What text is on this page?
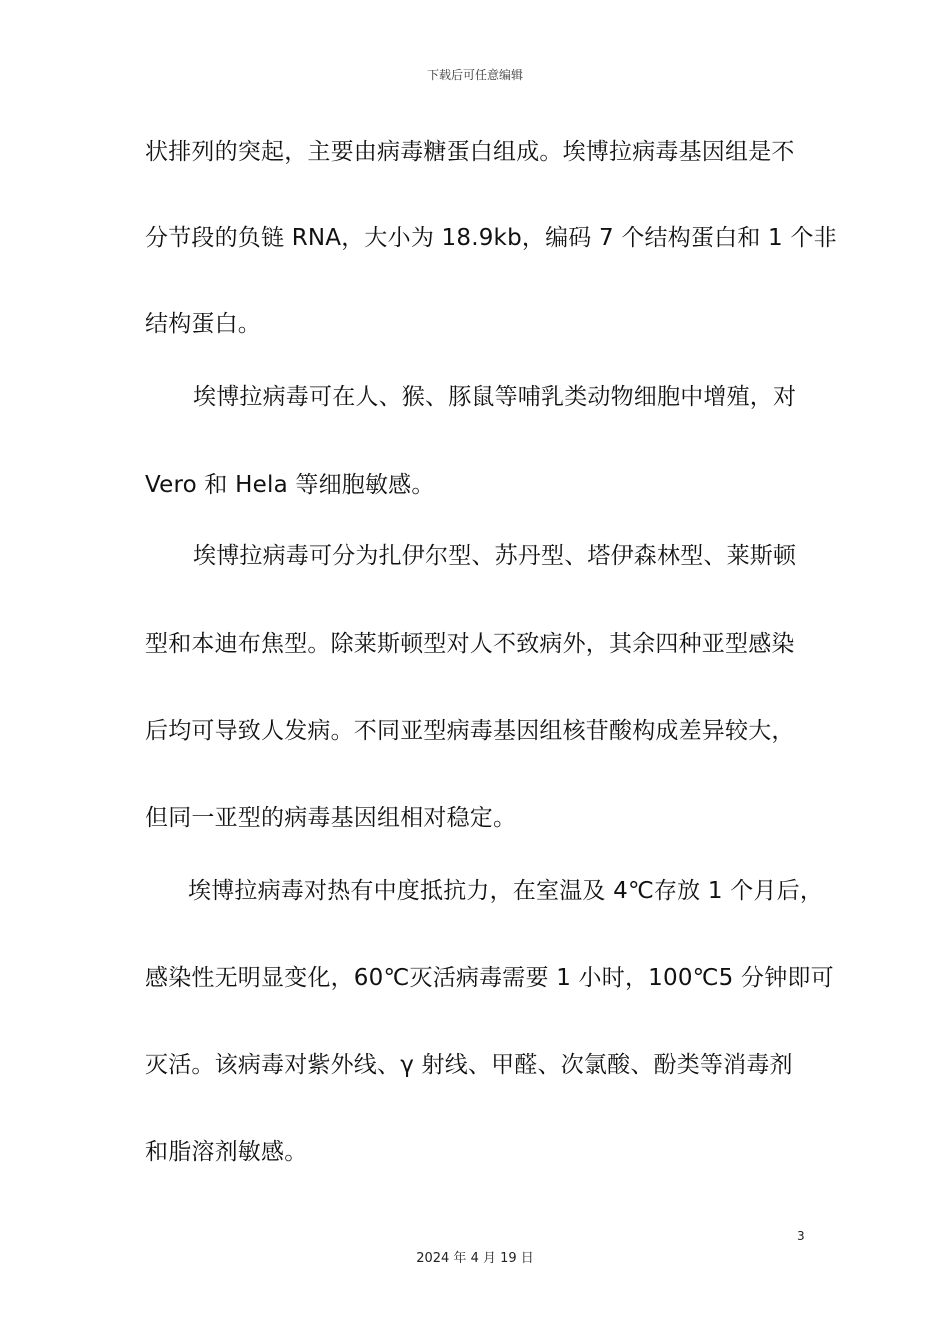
下载后可任意编辑
状排列的突起，主要由病毒糖蛋白组成。埃博拉病毒基因组是不
分节段的负链 RNA，大小为 18.9kb，编码 7 个结构蛋白和 1 个非
结构蛋白。
埃博拉病毒可在人、猴、豚鼠等哺乳类动物细胞中增殖，对
Vero 和 Hela 等细胞敏感。
埃博拉病毒可分为扎伊尔型、苏丹型、塔伊森林型、莱斯顿
型和本迪布焦型。除莱斯顿型对人不致病外，其余四种亚型感染
后均可导致人发病。不同亚型病毒基因组核苷酸构成差异较大，
但同一亚型的病毒基因组相对稳定。
埃博拉病毒对热有中度抵抗力，在室温及 4℃存放 1 个月后，
感染性无明显变化，60℃灭活病毒需要 1 小时，100℃5 分钟即可
灭活。该病毒对紫外线、γ 射线、甲醛、次氯酸、酚类等消毒剂
和脂溶剂敏感。
3
2024 年 4 月 19 日
